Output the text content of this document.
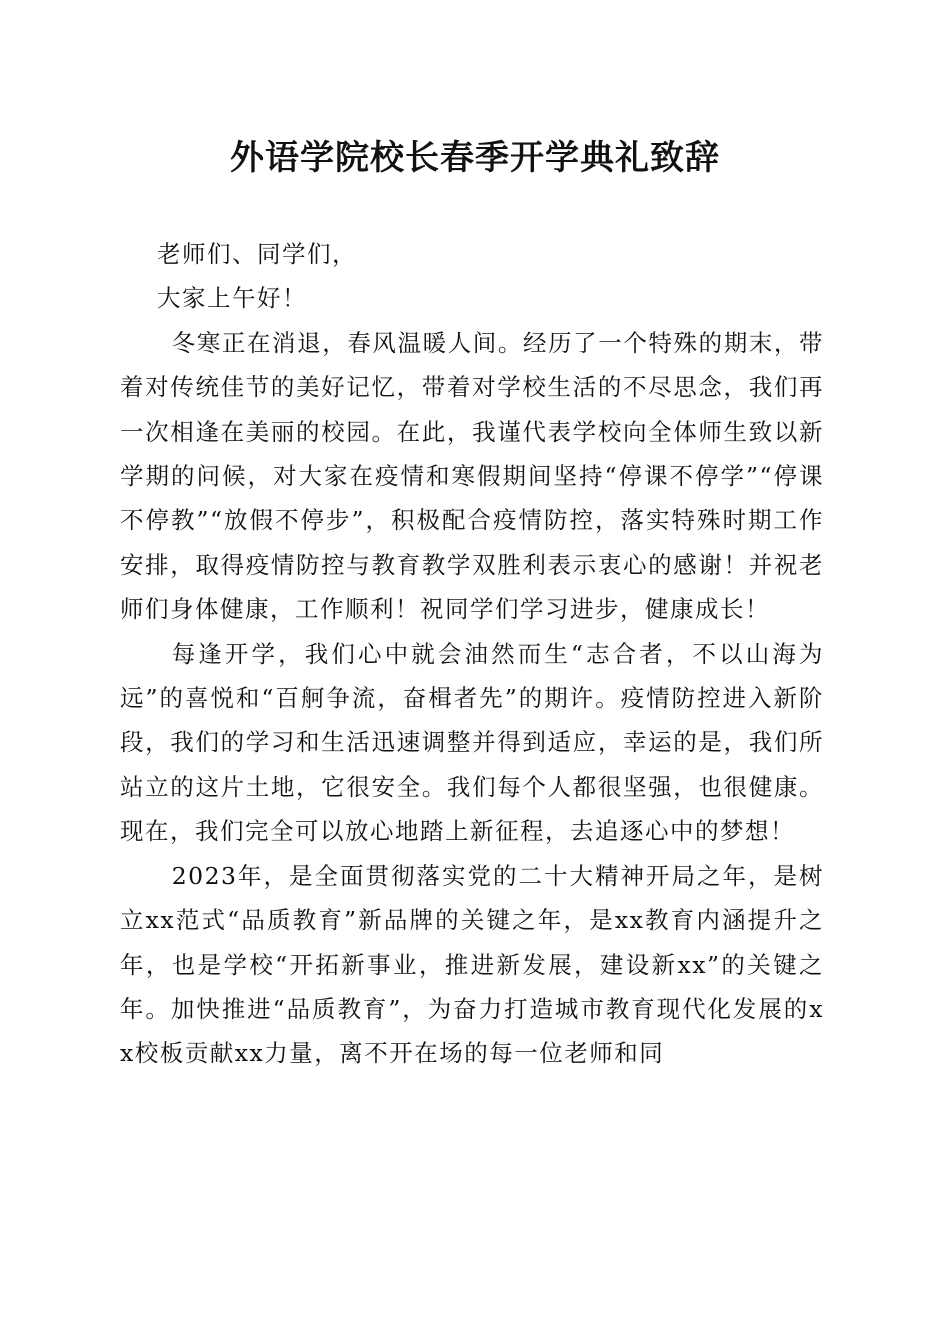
外语学院校长春季开学典礼致辞

老师们、同学们，

大家上午好！

冬寒正在消退，春风温暖人间。经历了一个特殊的期末，带着对传统佳节的美好记忆，带着对学校生活的不尽思念，我们再一次相逢在美丽的校园。在此，我谨代表学校向全体师生致以新学期的问候，对大家在疫情和寒假期间坚持“停课不停学”“停课不停教”“放假不停步”，积极配合疫情防控，落实特殊时期工作安排，取得疫情防控与教育教学双胜利表示衷心的感谢！并祝老师们身体健康，工作顺利！祝同学们学习进步，健康成长！

每逢开学，我们心中就会油然而生“志合者，不以山海为远”的喜悦和“百舸争流，奋楫者先”的期许。疫情防控进入新阶段，我们的学习和生活迅速调整并得到适应，幸运的是，我们所站立的这片土地，它很安全。我们每个人都很坚强，也很健康。现在，我们完全可以放心地踏上新征程，去追逐心中的梦想！

2023年，是全面贯彻落实党的二十大精神开局之年，是树立xx范式“品质教育”新品牌的关键之年，是xx教育内涵提升之年，也是学校“开拓新事业，推进新发展，建设新xx”的关键之年。加快推进“品质教育”，为奋力打造城市教育现代化发展的xx校板贡献xx力量，离不开在场的每一位老师和同
